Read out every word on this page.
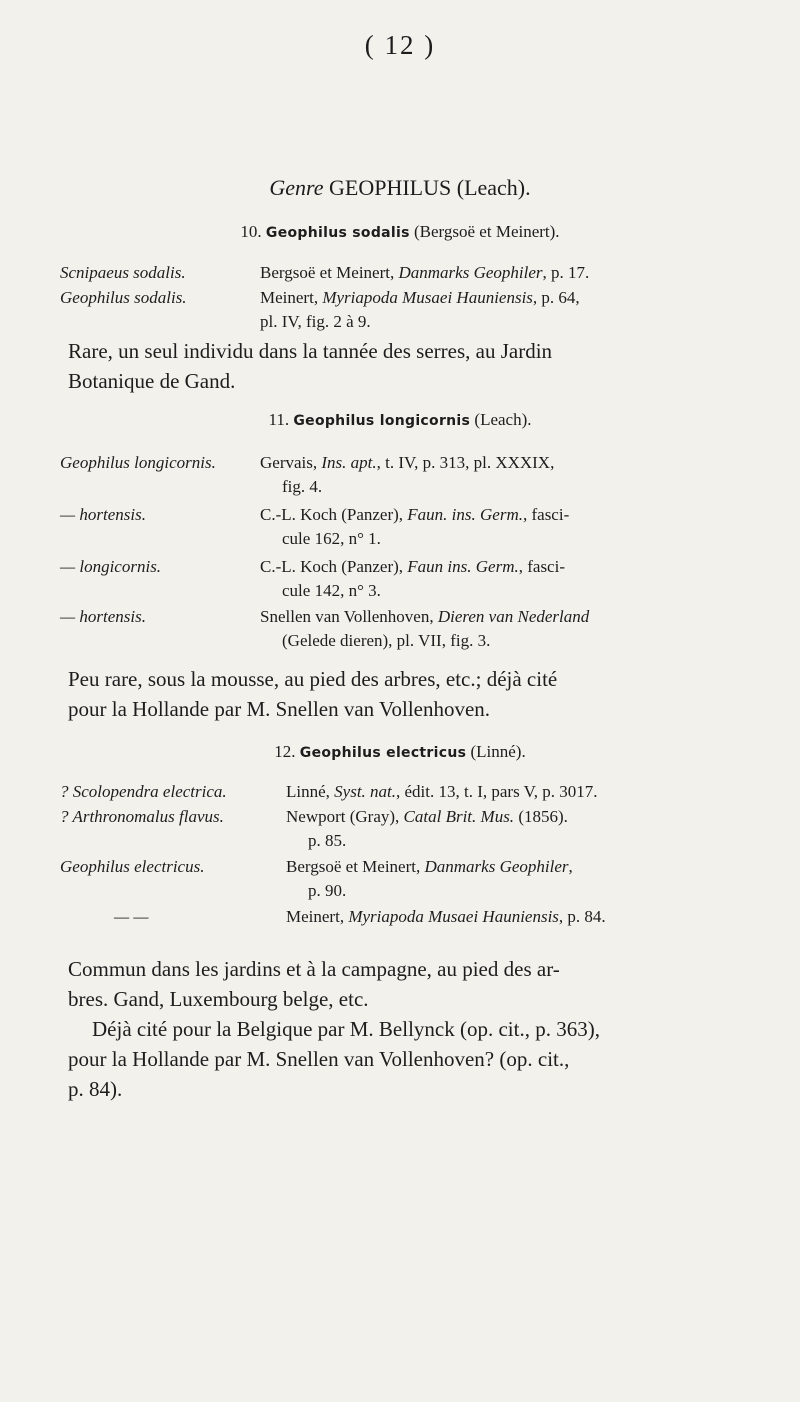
( 12 )
Genre GEOPHILUS (Leach).
10. Geophilus sodalis (Bergsoë et Meinert).
Scnipaeus sodalis.	Bergsoë et Meinert, Danmarks Geophiler, p. 17.
Geophilus sodalis.	Meinert, Myriapoda Musaei Hauniensis, p. 64,
pl. IV, fig. 2 à 9.
Rare, un seul individu dans la tannée des serres, au Jardin
Botanique de Gand.
11. Geophilus longicornis (Leach).
Geophilus longicornis.	Gervais, Ins. apt., t. IV, p. 313, pl. XXXIX,
fig. 4.
— hortensis.	C.-L. Koch (Panzer), Faun. ins. Germ., fasci-
cule 162, n° 1.
— longicornis.	C.-L. Koch (Panzer), Faun ins. Germ., fasci-
cule 142, n° 3.
— hortensis.	Snellen van Vollenhoven, Dieren van Nederland
(Gelede dieren), pl. VII, fig. 3.
Peu rare, sous la mousse, au pied des arbres, etc.; déjà cité
pour la Hollande par M. Snellen van Vollenhoven.
12. Geophilus electricus (Linné).
? Scolopendra electrica.	Linné, Syst. nat., édit. 13, t. I, pars V, p. 3017.
? Arthronomalus flavus.	Newport (Gray), Catal Brit. Mus. (1856).
p. 85.
Geophilus electricus.	Bergsoë et Meinert, Danmarks Geophiler,
p. 90.
— —	Meinert, Myriapoda Musaei Hauniensis, p. 84.
Commun dans les jardins et à la campagne, au pied des ar-
bres. Gand, Luxembourg belge, etc.
Déjà cité pour la Belgique par M. Bellynck (op. cit., p. 363),
pour la Hollande par M. Snellen van Vollenhoven? (op. cit.,
p. 84).
